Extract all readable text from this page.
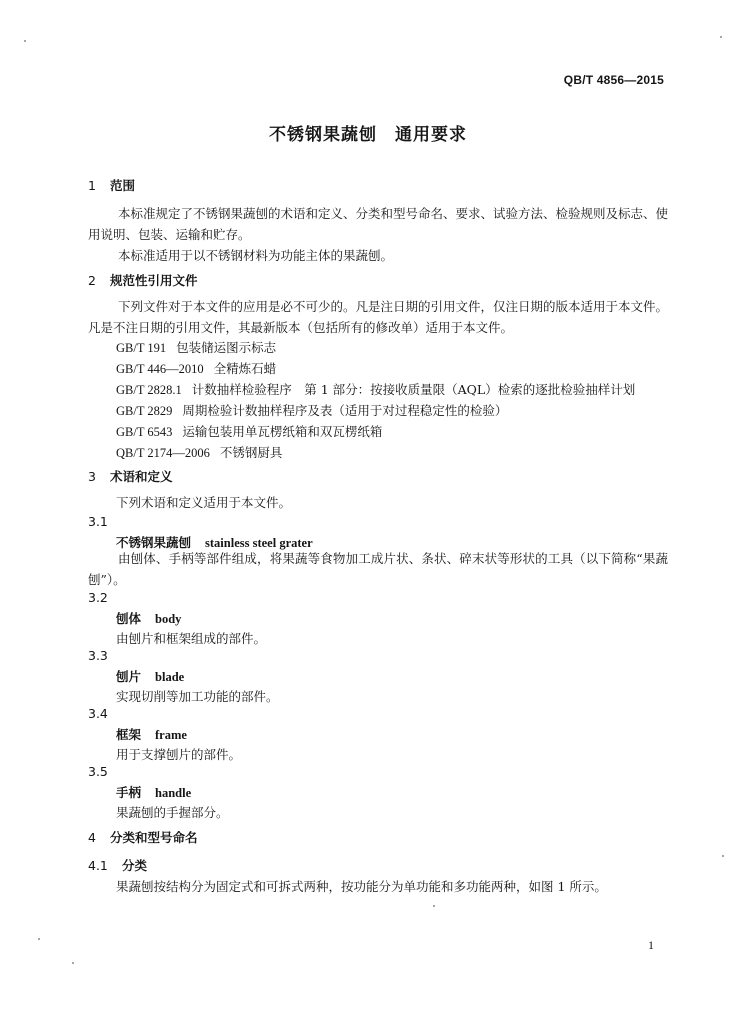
QB/T 4856—2015
不锈钢果蔬刨 通用要求
1 范围
本标准规定了不锈钢果蔬刨的术语和定义、分类和型号命名、要求、试验方法、检验规则及标志、使用说明、包装、运输和贮存。
本标准适用于以不锈钢材料为功能主体的果蔬刨。
2 规范性引用文件
下列文件对于本文件的应用是必不可少的。凡是注日期的引用文件，仅注日期的版本适用于本文件。凡是不注日期的引用文件，其最新版本（包括所有的修改单）适用于本文件。
GB/T 191 包装储运图示标志
GB/T 446—2010 全精炼石蜡
GB/T 2828.1 计数抽样检验程序　第 1 部分：按接收质量限（AQL）检索的逐批检验抽样计划
GB/T 2829 周期检验计数抽样程序及表（适用于对过程稳定性的检验）
GB/T 6543 运输包装用单瓦楞纸箱和双瓦楞纸箱
QB/T 2174—2006 不锈钢厨具
3 术语和定义
下列术语和定义适用于本文件。
3.1
不锈钢果蔬刨 stainless steel grater
由刨体、手柄等部件组成，将果蔬等食物加工成片状、条状、碎末状等形状的工具（以下简称“果蔬刨”）。
3.2
刨体 body
由刨片和框架组成的部件。
3.3
刨片 blade
实现切削等加工功能的部件。
3.4
框架 frame
用于支撑刨片的部件。
3.5
手柄 handle
果蔬刨的手握部分。
4 分类和型号命名
4.1 分类
果蔬刨按结构分为固定式和可拆式两种，按功能分为单功能和多功能两种，如图 1 所示。
1
